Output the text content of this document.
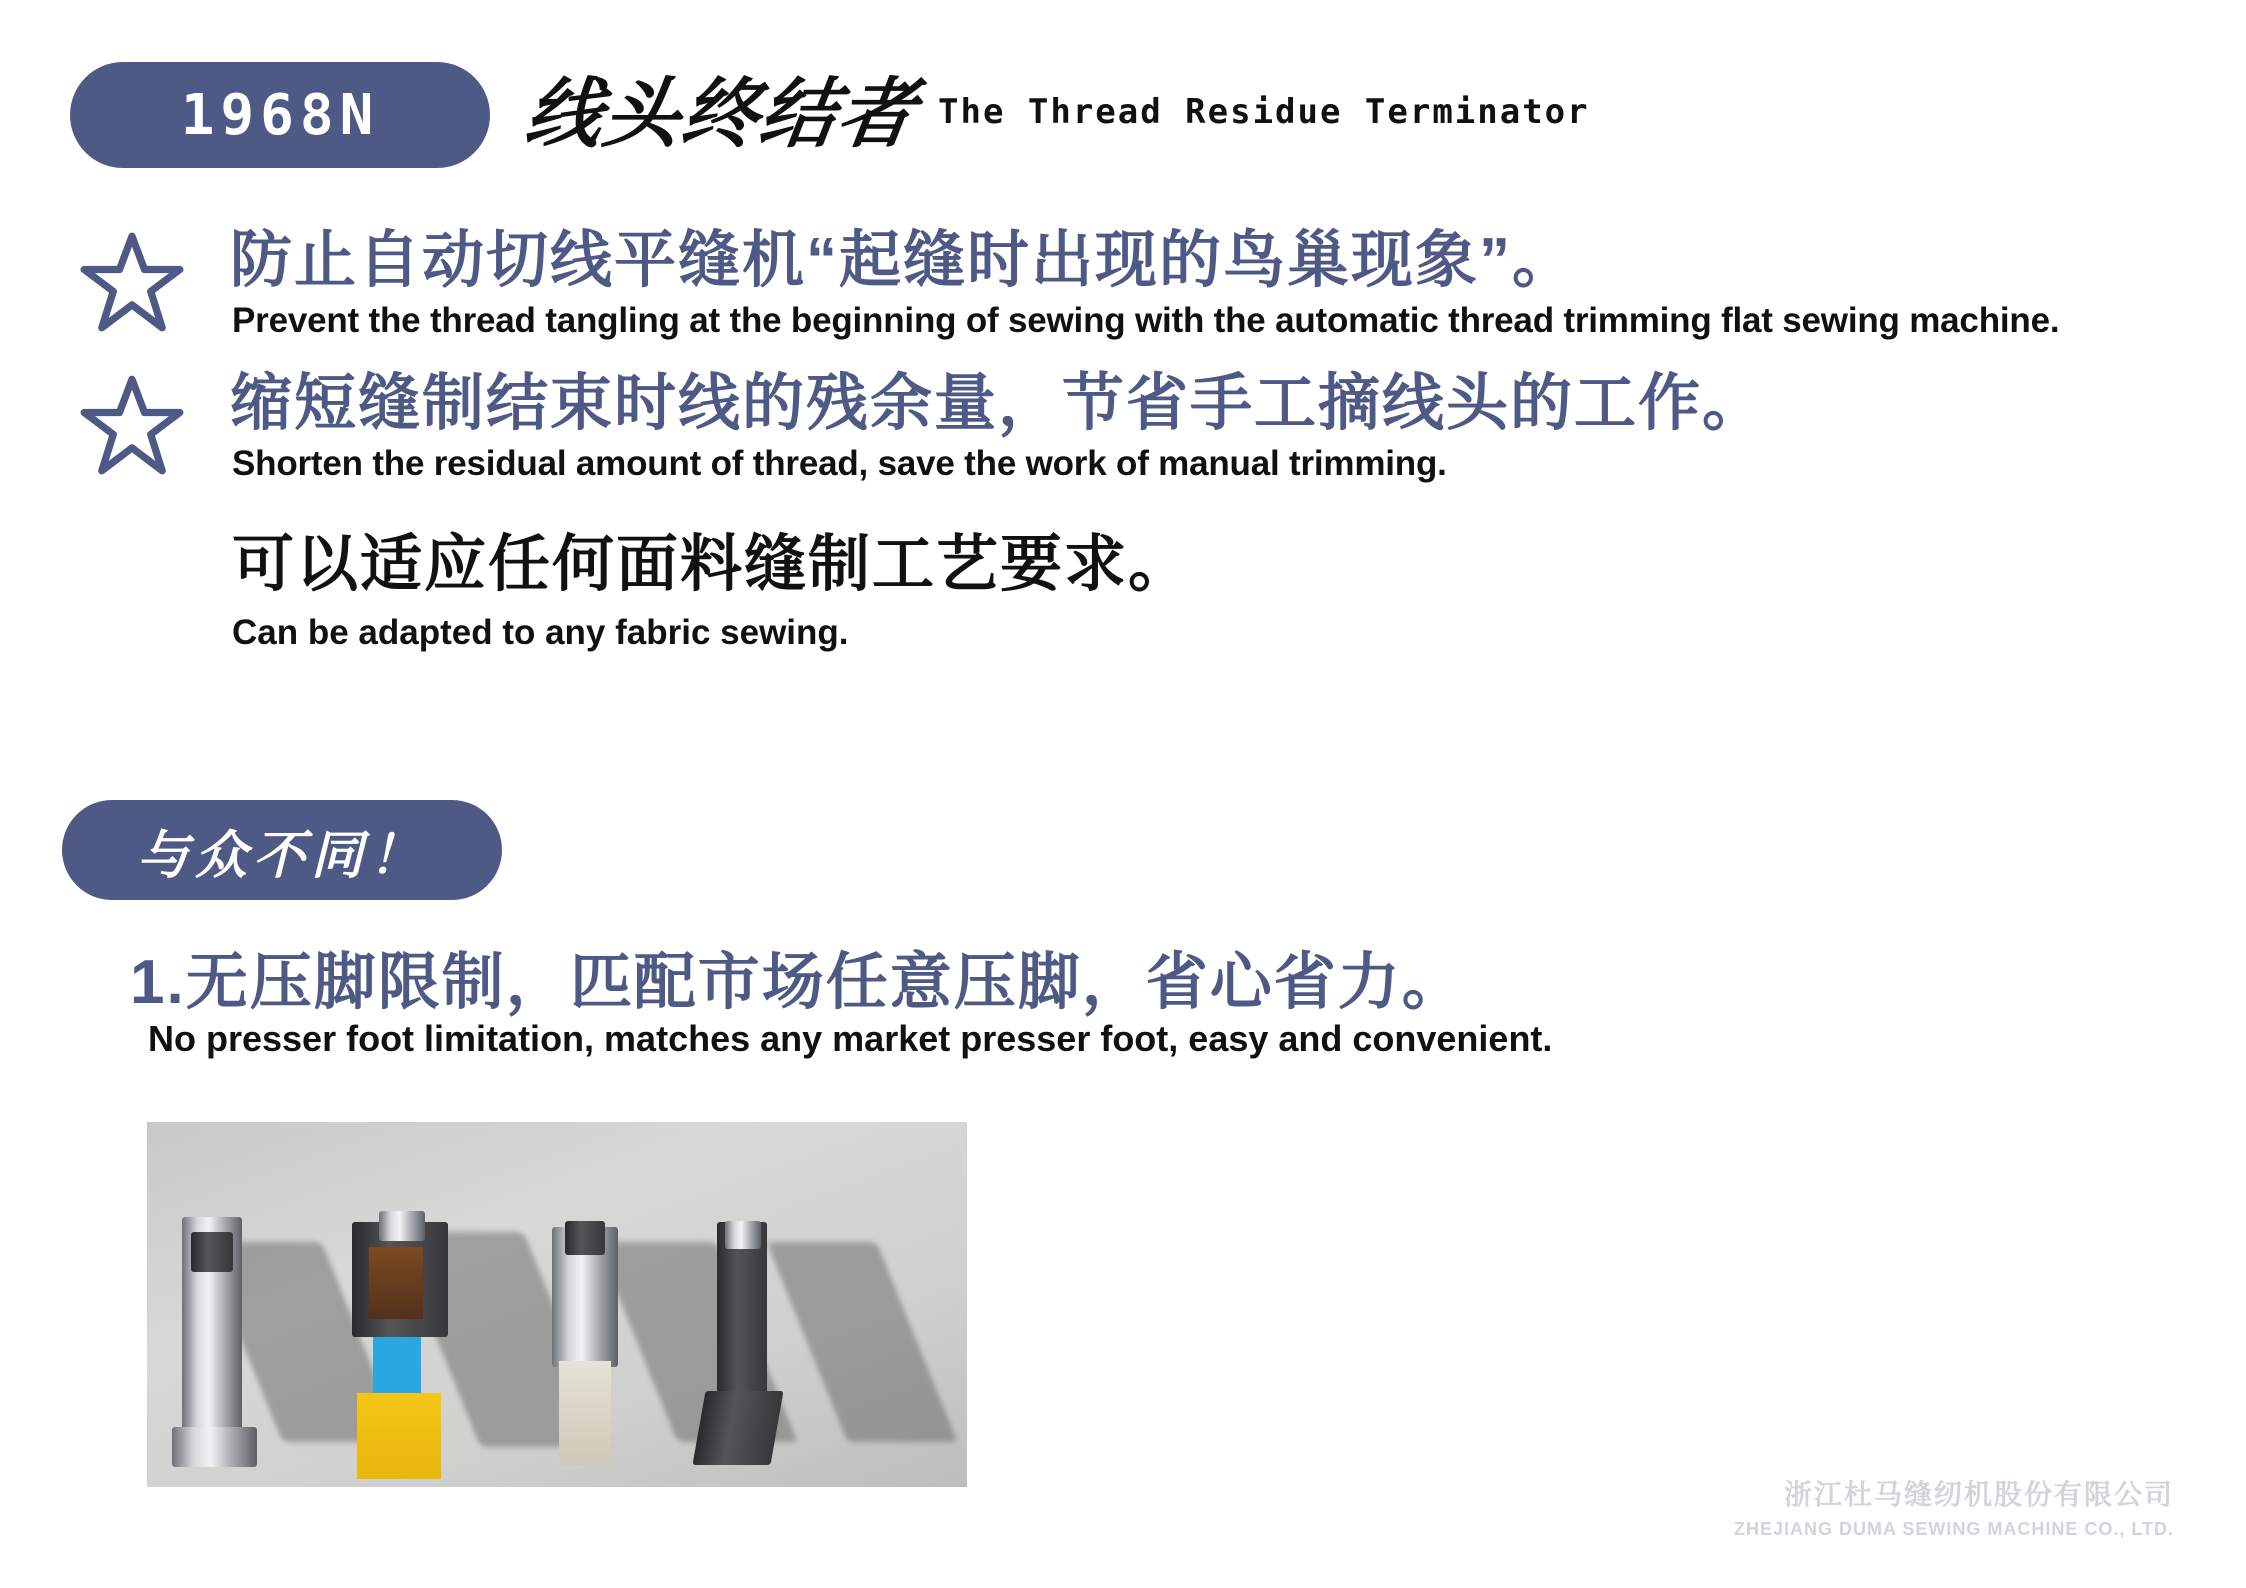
1968N 线头终结者 The Thread Residue Terminator
防止自动切线平缝机“起缝时出现的鸟巢现象”。
Prevent the thread tangling at the beginning of sewing with the automatic thread trimming flat sewing machine.
缩短缝制结束时线的残余量，节省手工摘线头的工作。
Shorten the residual amount of thread, save the work of manual trimming.
可以适应任何面料缝制工艺要求。
Can be adapted to any fabric sewing.
与众不同！
1.无压脚限制，匹配市场任意压脚，省心省力。
No presser foot limitation, matches any market presser foot, easy and convenient.
浙江杜马缝纫机股份有限公司
ZHEJIANG DUMA SEWING MACHINE CO., LTD.
